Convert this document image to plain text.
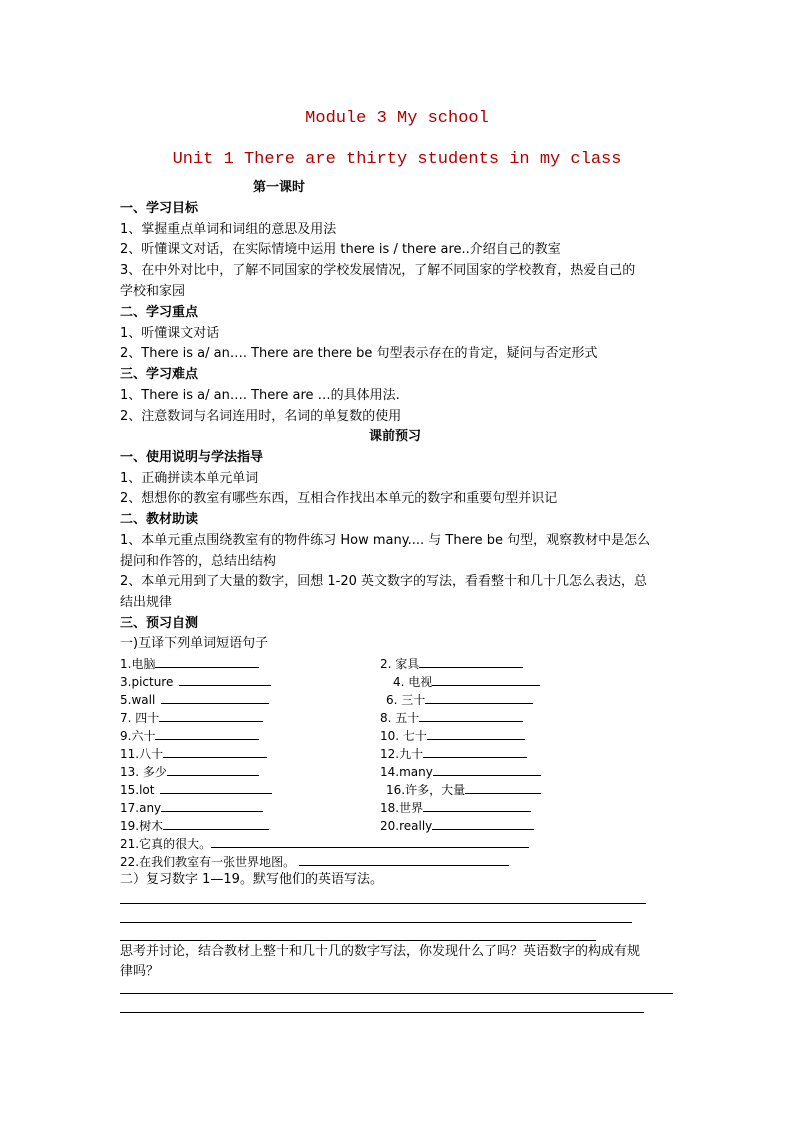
Module 3 My school
Unit 1 There are thirty students in my class
第一课时
一、学习目标
1、掌握重点单词和词组的意思及用法
2、听懂课文对话，在实际情境中运用 there is / there are..介绍自己的教室
3、在中外对比中，了解不同国家的学校发展情况，了解不同国家的学校教育，热爱自己的
学校和家园
二、学习重点
1、听懂课文对话
2、There is a/ an…. There are there be 句型表示存在的肯定，疑问与否定形式
三、学习难点
1、There is a/ an…. There are …的具体用法.
2、注意数词与名词连用时，名词的单复数的使用
课前预习
一、使用说明与学法指导
1、正确拼读本单元单词
2、想想你的教室有哪些东西，互相合作找出本单元的数字和重要句型并识记
二、教材助读
1、本单元重点围绕教室有的物件练习 How many.... 与 There be 句型，观察教材中是怎么
提问和作答的，总结出结构
2、本单元用到了大量的数字，回想 1-20 英文数字的写法，看看整十和几十几怎么表达，总
结出规律
三、预习自测
一)互译下列单词短语句子
1.电脑	2. 家具
3.picture	4. 电视
5.wall	6. 三十
7. 四十	8. 五十
9.六十	10. 七十
11.八十	12.九十
13. 多少	14.many
15.lot	16.许多，大量
17.any	18.世界
19.树木	20.really
21.它真的很大。
22.在我们教室有一张世界地图。
二）复习数字 1—19。默写他们的英语写法。
思考并讨论，结合教材上整十和几十几的数字写法，你发现什么了吗？英语数字的构成有规
律吗？
